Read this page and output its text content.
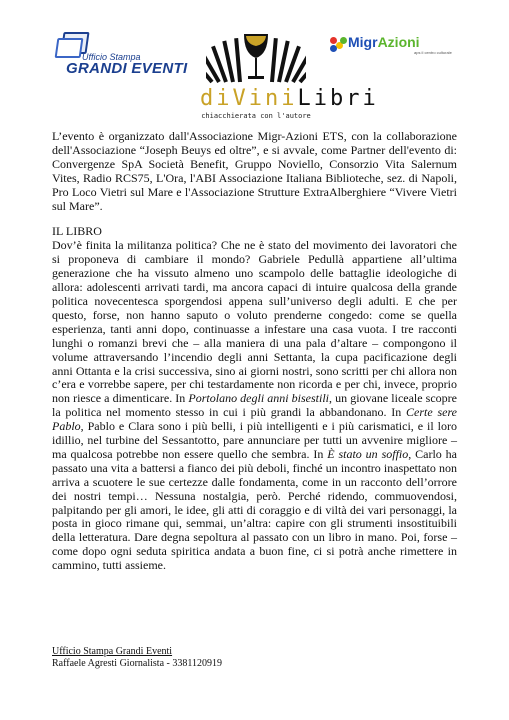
Ufficio Stampa
GRANDI EVENTI
diViniLibri
chiacchierata con l'autore
MigrAzioni
aps il centro culturale

L’evento è organizzato dall'Associazione Migr-Azioni ETS, con la collaborazione dell'Associazione “Joseph Beuys ed oltre”, e si avvale, come Partner dell'evento di: Convergenze SpA Società Benefit, Gruppo Noviello, Consorzio Vita Salernum Vites, Radio RCS75, L'Ora, l'ABI Associazione Italiana Biblioteche, sez. di Napoli, Pro Loco Vietri sul Mare e l'Associazione Strutture ExtraAlberghiere “Vivere Vietri sul Mare”.

IL LIBRO

Dov’è finita la militanza politica? Che ne è stato del movimento dei lavoratori che si proponeva di cambiare il mondo? Gabriele Pedullà appartiene all’ultima generazione che ha vissuto almeno uno scampolo delle battaglie ideologiche di allora: adolescenti arrivati tardi, ma ancora capaci di intuire qualcosa della grande politica novecentesca sporgendosi appena sull’universo degli adulti. E che per questo, forse, non hanno saputo o voluto prenderne congedo: come se quella esperienza, tanti anni dopo, continuasse a infestare una casa vuota. I tre racconti lunghi o romanzi brevi che – alla maniera di una pala d’altare – compongono il volume attraversando l’incendio degli anni Settanta, la cupa pacificazione degli anni Ottanta e la crisi successiva, sino ai giorni nostri, sono scritti per chi allora non c’era e vorrebbe sapere, per chi testardamente non ricorda e per chi, invece, proprio non riesce a dimenticare. In Portolano degli anni bisestili, un giovane liceale scopre la politica nel momento stesso in cui i più grandi la abbandonano. In Certe sere Pablo, Pablo e Clara sono i più belli, i più intelligenti e i più carismatici, e il loro idillio, nel turbine del Sessantotto, pare annunciare per tutti un avvenire migliore – ma qualcosa potrebbe non essere quello che sembra. In È stato un soffio, Carlo ha passato una vita a battersi a fianco dei più deboli, finché un incontro inaspettato non arriva a scuotere le sue certezze dalle fondamenta, come in un racconto dell’orrore dei nostri tempi… Nessuna nostalgia, però. Perché ridendo, commuovendosi, palpitando per gli amori, le idee, gli atti di coraggio e di viltà dei vari personaggi, la posta in gioco rimane qui, semmai, un’altra: capire con gli strumenti insostituibili della letteratura. Dare degna sepoltura al passato con un libro in mano. Poi, forse – come dopo ogni seduta spiritica andata a buon fine, ci si potrà anche rimettere in cammino, tutti assieme.

Ufficio Stampa Grandi Eventi
Raffaele Agresti Giornalista - 3381120919
